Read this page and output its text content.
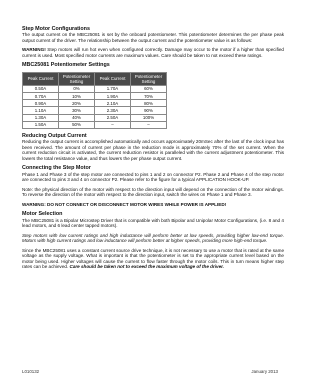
Step Motor Configurations

The output current on the MBC25081 is set by the onboard potentiometer. This potentiometer determines the per phase peak output current of the driver. The relationship between the output current and the potentiometer value is as follows:

WARNING! Step motors will run hot even when configured correctly. Damage may occur to the motor if a higher than specified current is used. Most specified motor currents are maximum values. Care should be taken to not exceed these ratings.

MBC25081 Potentiometer Settings

Peak Current	Potentiometer Setting	Peak Current	Potentiometer Setting
0.50A	0%	1.70A	60%
0.70A	10%	1.90A	70%
0.90A	20%	2.10A	80%
1.10A	30%	2.30A	90%
1.30A	40%	2.50A	100%
1.50A	50%	–	–

Reducing Output Current

Reducing the output current is accomplished automatically and occurs approximately 20mSec after the last of the clock input has been received. The amount of current per phase in the reduction mode is approximately 70% of the set current. When the current reduction circuit is activated, the current reduction resistor is paralleled with the current adjustment potentiometer. This lowers the total resistance value, and thus lowers the per phase output current.

Connecting the Step Motor

Phase 1 and Phase 3 of the step motor are connected to pins 1 and 2 on connector P2. Phase 2 and Phase 4 of the step motor are connected to pins 3 and 4 on connector P2. Please refer to the figure for a typical APPLICATION HOOK-UP.

Note: the physical direction of the motor with respect to the direction input will depend on the connection of the motor windings. To reverse the direction of the motor with respect to the direction input, switch the wires on Phase 1 and Phase 3.

WARNING: DO NOT CONNECT OR DISCONNECT MOTOR WIRES WHILE POWER IS APPLIED!

Motor Selection

The MBC25081 is a Bipolar Microstep Driver that is compatible with both Bipolar and Unipolar Motor Configurations, (i.e. 8 and 4 lead motors, and 6 lead center tapped motors).

Step motors with low current ratings and high inductance will perform better at low speeds, providing higher low-end torque. Motors with high current ratings and low inductance will perform better at higher speeds, providing more high-end torque.

Since the MBC25081 uses a constant current source drive technique, it is not necessary to use a motor that is rated at the same voltage as the supply voltage. What is important is that the potentiometer is set to the appropriate current level based on the motor being used. Higher voltages will cause the current to flow faster through the motor coils. This in turn means higher step rates can be achieved. Care should be taken not to exceed the maximum voltage of the driver.

L010132	January 2013
